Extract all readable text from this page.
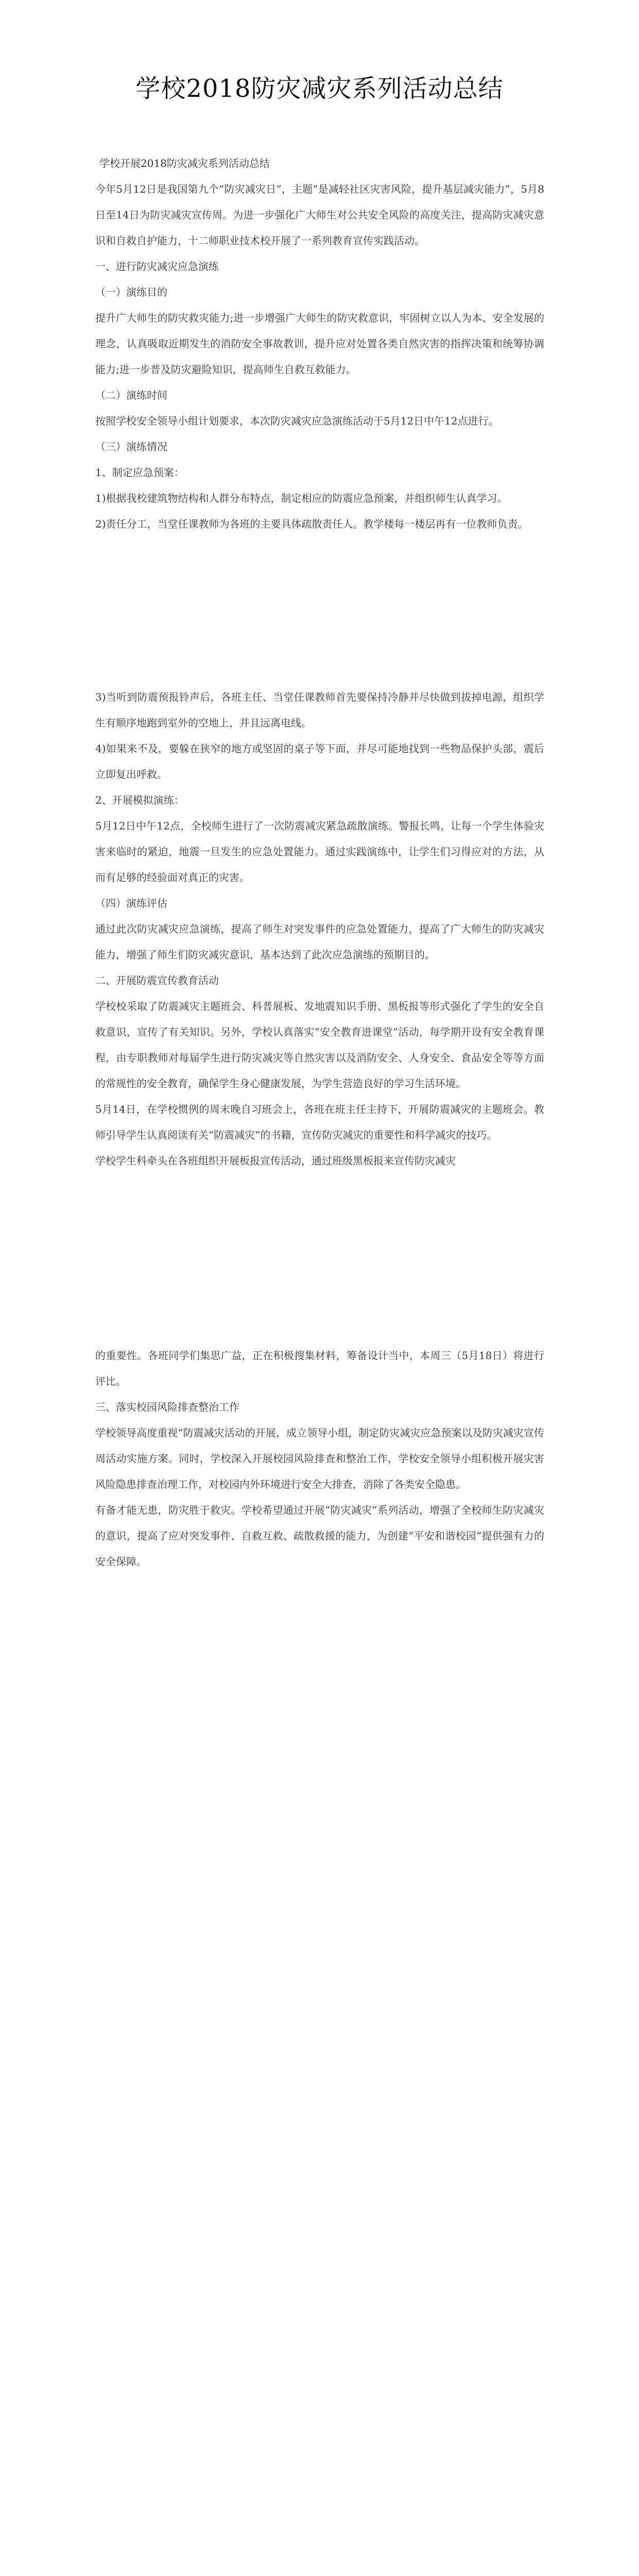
学校2018防灾减灾系列活动总结

学校开展2018防灾减灾系列活动总结

今年5月12日是我国第九个“防灾减灾日”，主题“是减轻社区灾害风险，提升基层减灾能力”，5月8日至14日为防灾减灾宣传周。为进一步强化广大师生对公共安全风险的高度关注，提高防灾减灾意识和自救自护能力，十二师职业技术校开展了一系列教育宣传实践活动。

一、进行防灾减灾应急演练

（一）演练目的

提升广大师生的防灾救灾能力;进一步增强广大师生的防灾救意识，牢固树立以人为本、安全发展的理念，认真吸取近期发生的消防安全事故教训，提升应对处置各类自然灾害的指挥决策和统筹协调能力;进一步普及防灾避险知识，提高师生自救互救能力。

（二）演练时间

按照学校安全领导小组计划要求，本次防灾减灾应急演练活动于5月12日中午12点进行。

（三）演练情况

1、制定应急预案：

1)根据我校建筑物结构和人群分布特点，制定相应的防震应急预案，并组织师生认真学习。

2)责任分工，当堂任课教师为各班的主要具体疏散责任人。教学楼每一楼层再有一位教师负责。

3)当听到防震预报铃声后，各班主任、当堂任课教师首先要保持冷静并尽快做到拔掉电源，组织学生有顺序地跑到室外的空地上，并且远离电线。

4)如果来不及，要躲在狭窄的地方或坚固的桌子等下面，并尽可能地找到一些物品保护头部，震后立即复出呼救。

2、开展模拟演练：

5月12日中午12点，全校师生进行了一次防震减灾紧急疏散演练。警报长鸣，让每一个学生体验灾害来临时的紧迫，地震一旦发生的应急处置能力。通过实践演练中，让学生们习得应对的方法，从而有足够的经验面对真正的灾害。

（四）演练评估

通过此次防灾减灾应急演练，提高了师生对突发事件的应急处置能力，提高了广大师生的防灾减灾能力，增强了师生们防灾减灾意识，基本达到了此次应急演练的预期目的。

二、开展防震宣传教育活动

学校校采取了防震减灾主题班会、科普展板、发地震知识手册、黑板报等形式强化了学生的安全自救意识，宣传了有关知识。另外，学校认真落实“安全教育进课堂”活动，每学期开设有安全教育课程，由专职教师对每届学生进行防灾减灾等自然灾害以及消防安全、人身安全、食品安全等等方面的常规性的安全教育，确保学生身心健康发展，为学生营造良好的学习生活环境。

5月14日，在学校惯例的周末晚自习班会上，各班在班主任主持下，开展防震减灾的主题班会。教师引导学生认真阅读有关“防震减灾”的书籍，宣传防灾减灾的重要性和科学减灾的技巧。

学校学生科牵头在各班组织开展板报宣传活动，通过班级黑板报来宣传防灾减灾

的重要性。各班同学们集思广益，正在积极搜集材料，筹备设计当中，本周三（5月18日）将进行评比。

三、落实校园风险排查整治工作

学校领导高度重视“防震减灾活动的开展，成立领导小组，制定防灾减灾应急预案以及防灾减灾宣传周活动实施方案。同时，学校深入开展校园风险排查和整治工作，学校安全领导小组积极开展灾害风险隐患排查治理工作，对校园内外环境进行安全大排查，消除了各类安全隐患。

有备才能无患，防灾胜于救灾。学校希望通过开展“防灾减灾”系列活动，增强了全校师生防灾减灾的意识，提高了应对突发事件、自救互救、疏散救援的能力，为创建“平安和谐校园”提供强有力的安全保障。
